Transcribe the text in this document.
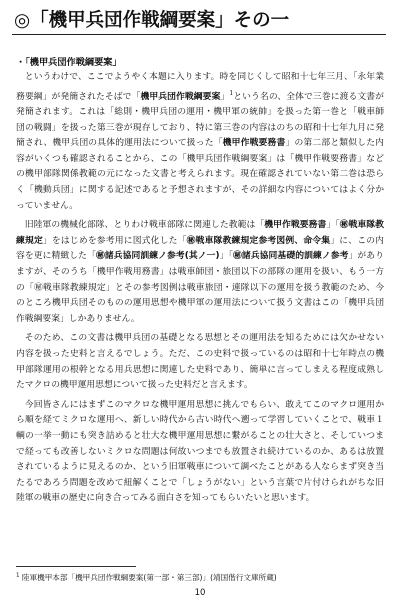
◎「機甲兵団作戦綱要案」その一
・「機甲兵団作戦綱要案」

というわけで、ここでようやく本題に入ります。時を同じくして昭和十七年三月、「永年業務要綱」が発簡されたそばで「機甲兵団作戦綱要案」$^1$という名の、全体で三巻に渡る文書が発簡されます。これは「総則・機甲兵団の運用・機甲軍の統帥」を扱った第一巻と「戦車師団の戦闘」を扱った第三巻が現存しており、特に第三巻の内容はのちの昭和十七年九月に発簡され、機甲兵団の具体的運用法について扱った「機甲作戦要務書」の第二部と類似した内容がいくつも確認されることから、この「機甲兵団作戦綱要案」は「機甲作戦要務書」などの機甲部隊関係教範の元になった文書と考えられます。現在確認されていない第二巻は恐らく「機動兵団」に関する記述であると予想されますが、その詳細な内容についてはよく分かっていません。

旧陸軍の機械化部隊、とりわけ戦車部隊に関連した教範は「機甲作戦要務書」「㊙戦車隊教練規定」をはじめを参考用に図式化した「㊙戦車隊教練規定参考図例、命令集」に、この内容を更に精緻した「㊙諸兵協同訓練ノ参考(其ノ一)」「㊙諸兵協同基礎的訓練ノ参考」がありますが、そのうち「機甲作戦用務書」は戦車師団・旅団以下の部隊の運用を扱い、もう一方の「㊙戦車隊教練規定」とその参考図例は戦車旅団・連隊以下の運用を扱う教範のため、今のところ機甲兵団そのものの運用思想や機甲軍の運用法について扱う文書はこの「機甲兵団作戦綱要案」しかありません。

そのため、この文書は機甲兵団の基礎となる思想とその運用法を知るためには欠かせない内容を扱った史料と言えるでしょう。ただ、この史料で扱っているのは昭和十七年時点の機甲部隊運用の根幹となる用兵思想に関連した史料であり、簡単に言ってしまえる程度成熟したマクロの機甲運用思想について扱った史料だと言えます。

今回皆さんにはまずこのマクロな機甲運用思想に挑んでもらい、敢えてこのマクロ運用から順を経てミクロな運用へ、新しい時代から古い時代へ遡って学習していくことで、戦車１輌の一挙一動にも突き詰めると壮大な機甲運用思想に繋がることの壮大さと、そしていつまで経っても改善しないミクロな問題は何故いつまでも放置され続けているのか、あるは放置されているように見えるのか、という旧軍戦車について調べたことがある人ならまず突き当たるであろう問題を改めて紐解くことで「しょうがない」という言葉で片付けられがちな旧陸軍の戦車の歴史に向き合ってみる面白さを知ってもらいたいと思います。

$^1$ 陸軍機甲本部「機甲兵団作戦綱要案(第一部・第三部)」(靖国偕行文庫所蔵)
10
